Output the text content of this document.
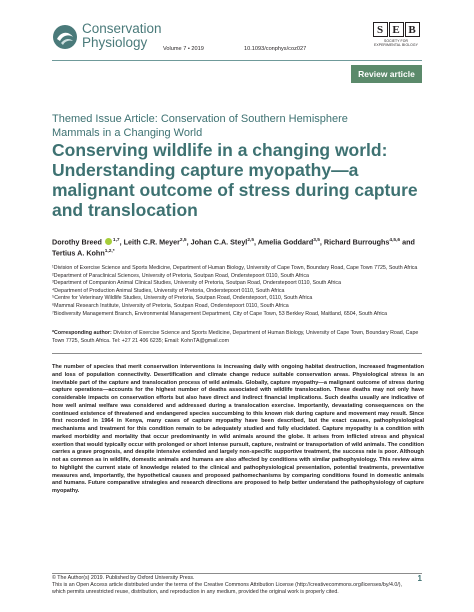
Conservation
Physiology	Volume 7 • 2019	10.1093/conphys/coz027
S E B
SOCIETY FOR EXPERIMENTAL BIOLOGY
Review article
Themed Issue Article: Conservation of Southern Hemisphere Mammals in a Changing World
Conserving wildlife in a changing world: Understanding capture myopathy—a malignant outcome of stress during capture and translocation
Dorothy Breed $^{1,7}$, Leith C.R. Meyer$^{2,5}$, Johan C.A. Steyl$^{2,5}$, Amelia Goddard$^{3,5}$, Richard Burroughs$^{4,5,6}$ and Tertius A. Kohn$^{1,2,*}$
¹Division of Exercise Science and Sports Medicine, Department of Human Biology, University of Cape Town, Boundary Road, Cape Town 7725, South Africa
²Department of Paraclinical Sciences, University of Pretoria, Soutpan Road, Onderstepoort 0110, South Africa
³Department of Companion Animal Clinical Studies, University of Pretoria, Soutpan Road, Onderstepoort 0110, South Africa
⁴Department of Production Animal Studies, University of Pretoria, Onderstepoort 0110, South Africa
⁵Centre for Veterinary Wildlife Studies, University of Pretoria, Soutpan Road, Onderstepoort, 0110, South Africa
⁶Mammal Research Institute, University of Pretoria, Soutpan Road, Onderstepoort 0110, South Africa
⁷Biodiversity Management Branch, Environmental Management Department, City of Cape Town, 53 Berkley Road, Maitland, 6504, South Africa
*Corresponding author: Division of Exercise Science and Sports Medicine, Department of Human Biology, University of Cape Town, Boundary Road, Cape Town 7725, South Africa. Tel: +27 21 406 6235; Email: KohnTA@gmail.com
The number of species that merit conservation interventions is increasing daily with ongoing habitat destruction, increased fragmentation and loss of population connectivity. Desertification and climate change reduce suitable conservation areas. Physiological stress is an inevitable part of the capture and translocation process of wild animals. Globally, capture myopathy—a malignant outcome of stress during capture operations—accounts for the highest number of deaths associated with wildlife translocation. These deaths may not only have considerable impacts on conservation efforts but also have direct and indirect financial implications. Such deaths usually are indicative of how well animal welfare was considered and addressed during a translocation exercise. Importantly, devastating consequences on the continued existence of threatened and endangered species succumbing to this known risk during capture and movement may result. Since first recorded in 1964 in Kenya, many cases of capture myopathy have been described, but the exact causes, pathophysiological mechanisms and treatment for this condition remain to be adequately studied and fully elucidated. Capture myopathy is a condition with marked morbidity and mortality that occur predominantly in wild animals around the globe. It arises from inflicted stress and physical exertion that would typically occur with prolonged or short intense pursuit, capture, restraint or transportation of wild animals. The condition carries a grave prognosis, and despite intensive extended and largely non-specific supportive treatment, the success rate is poor. Although not as common as in wildlife, domestic animals and humans are also affected by conditions with similar pathophysiology. This review aims to highlight the current state of knowledge related to the clinical and pathophysiological presentation, potential treatments, preventative measures and, importantly, the hypothetical causes and proposed pathomechanisms by comparing conditions found in domestic animals and humans. Future comparative strategies and research directions are proposed to help better understand the pathophysiology of capture myopathy.
© The Author(s) 2019. Published by Oxford University Press.
This is an Open Access article distributed under the terms of the Creative Commons Attribution License (http://creativecommons.org/licenses/by/4.0/), which permits unrestricted reuse, distribution, and reproduction in any medium, provided the original work is properly cited.
1
